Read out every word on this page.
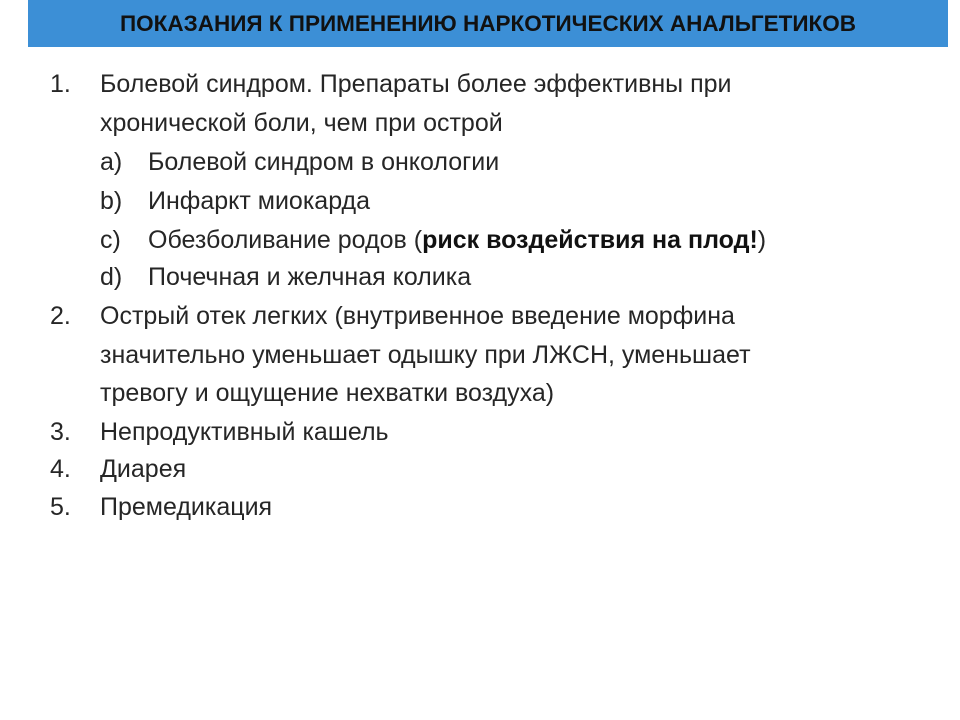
ПОКАЗАНИЯ К ПРИМЕНЕНИЮ НАРКОТИЧЕСКИХ АНАЛЬГЕТИКОВ
1. Болевой синдром. Препараты более эффективны при
хронической боли, чем при острой
a) Болевой синдром в онкологии
b) Инфаркт миокарда
c) Обезболивание родов (риск воздействия на плод!)
d) Почечная и желчная колика
2. Острый отек легких (внутривенное введение морфина
значительно уменьшает одышку при ЛЖСН, уменьшает
тревогу и ощущение нехватки воздуха)
3. Непродуктивный кашель
4. Диарея
5. Премедикация
